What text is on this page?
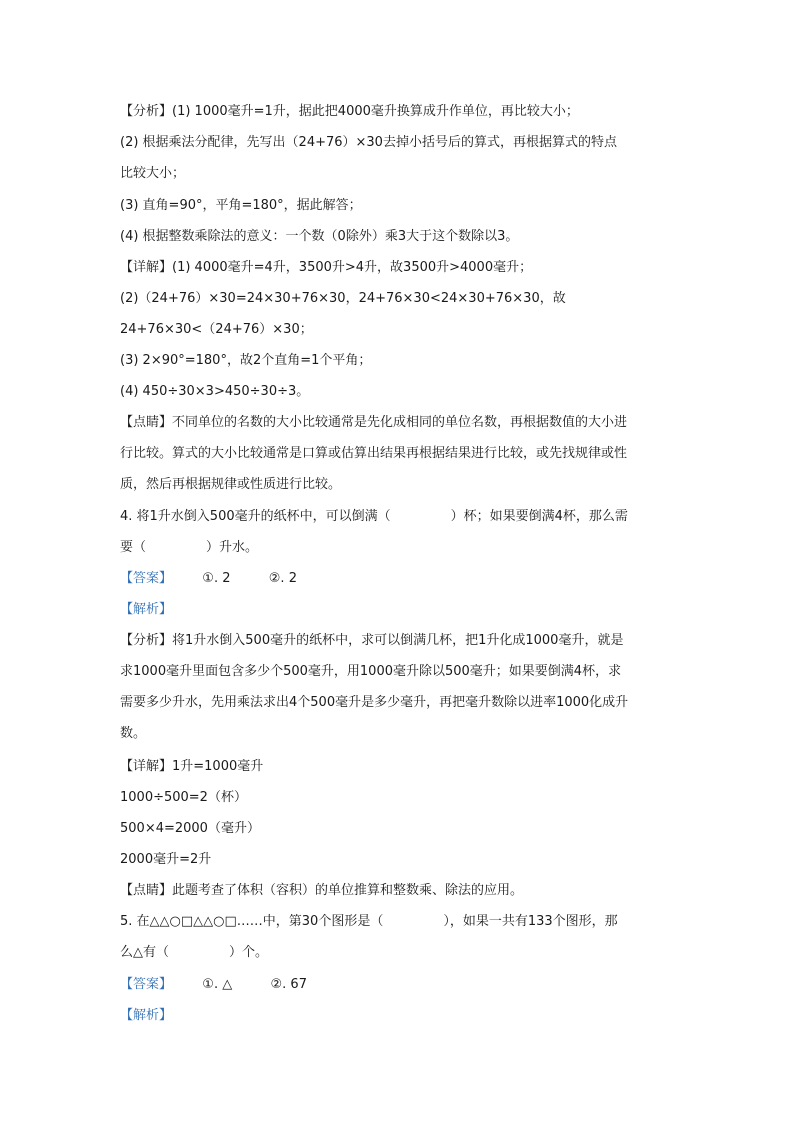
【分析】(1) 1000毫升=1升，据此把4000毫升换算成升作单位，再比较大小；
(2) 根据乘法分配律，先写出（24+76）×30去掉小括号后的算式，再根据算式的特点
比较大小；
(3) 直角=90°，平角=180°，据此解答；
(4) 根据整数乘除法的意义：一个数（0除外）乘3大于这个数除以3。
【详解】(1) 4000毫升=4升，3500升>4升，故3500升>4000毫升；
(2)（24+76）×30=24×30+76×30，24+76×30<24×30+76×30，故
24+76×30<（24+76）×30；
(3) 2×90°=180°，故2个直角=1个平角；
(4) 450÷30×3>450÷30÷3。
【点睛】不同单位的名数的大小比较通常是先化成相同的单位名数，再根据数值的大小进
行比较。算式的大小比较通常是口算或估算出结果再根据结果进行比较，或先找规律或性
质，然后再根据规律或性质进行比较。
4. 将1升水倒入500毫升的纸杯中，可以倒满（	）杯；如果要倒满4杯，那么需
要（	）升水。
【答案】 ①. 2	②. 2
【解析】
【分析】将1升水倒入500毫升的纸杯中，求可以倒满几杯，把1升化成1000毫升，就是
求1000毫升里面包含多少个500毫升，用1000毫升除以500毫升；如果要倒满4杯，求
需要多少升水，先用乘法求出4个500毫升是多少毫升，再把毫升数除以进率1000化成升
数。
【详解】1升=1000毫升
1000÷500=2（杯）
500×4=2000（毫升）
2000毫升=2升
【点睛】此题考查了体积（容积）的单位推算和整数乘、除法的应用。
5. 在△△○□△△○□……中，第30个图形是（	），如果一共有133个图形，那
么△有（	）个。
【答案】 ①. △	②. 67
【解析】
